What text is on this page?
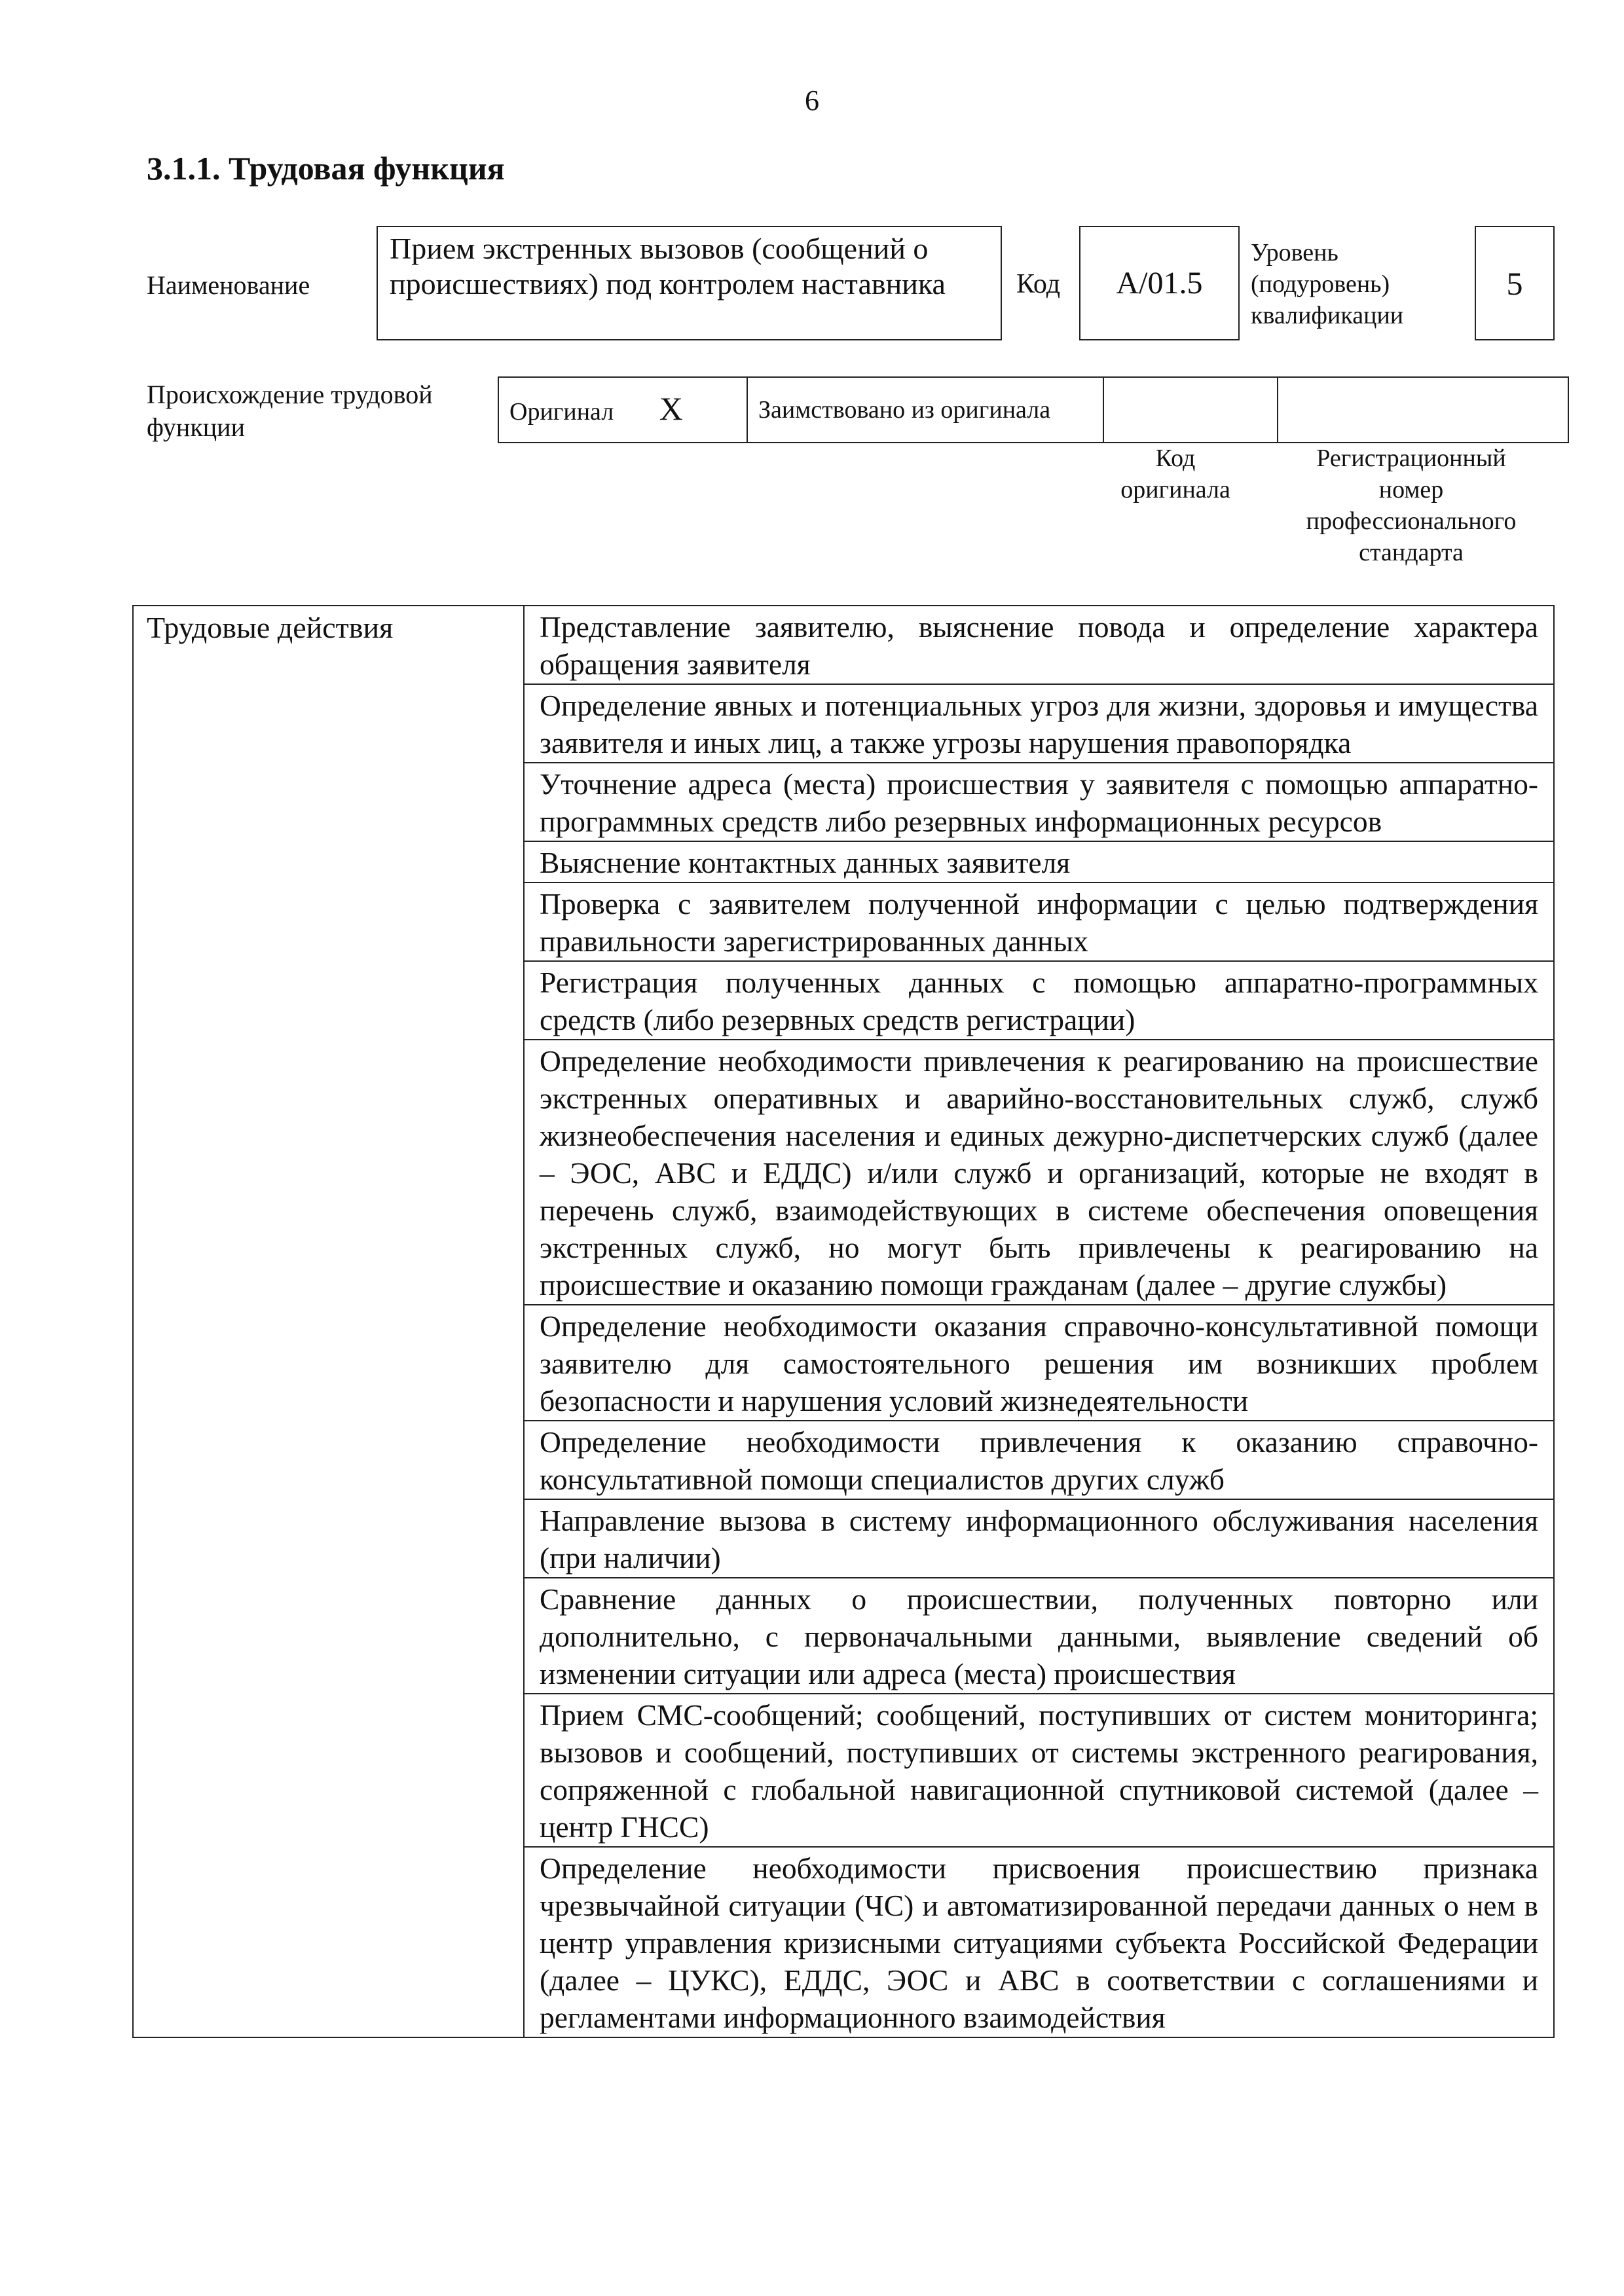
6
3.1.1. Трудовая функция
Наименование
Прием экстренных вызовов (сообщений о происшествиях) под контролем наставника	Код	A/01.5
Уровень
(подуровень)
квалификации
5
Происхождение трудовой
функции
Оригинал X	Заимствовано из оригинала		
Код
оригинала
Регистрационный
номер
профессионального
стандарта
Трудовые действия	Представление заявителю, выяснение повода и определение характера обращения заявителя

Определение явных и потенциальных угроз для жизни, здоровья и имущества заявителя и иных лиц, а также угрозы нарушения правопорядка

Уточнение адреса (места) происшествия у заявителя с помощью аппаратно-программных средств либо резервных информационных ресурсов

Выяснение контактных данных заявителя

Проверка с заявителем полученной информации с целью подтверждения правильности зарегистрированных данных

Регистрация полученных данных с помощью аппаратно-программных средств (либо резервных средств регистрации)

Определение необходимости привлечения к реагированию на происшествие экстренных оперативных и аварийно-восстановительных служб, служб жизнеобеспечения населения и единых дежурно-диспетчерских служб (далее – ЭОС, АВС и ЕДДС) и/или служб и организаций, которые не входят в перечень служб, взаимодействующих в системе обеспечения оповещения экстренных служб, но могут быть привлечены к реагированию на происшествие и оказанию помощи гражданам (далее – другие службы)

Определение необходимости оказания справочно-консультативной помощи заявителю для самостоятельного решения им возникших проблем безопасности и нарушения условий жизнедеятельности

Определение необходимости привлечения к оказанию справочно-консультативной помощи специалистов других служб

Направление вызова в систему информационного обслуживания населения (при наличии)

Сравнение данных о происшествии, полученных повторно или дополнительно, с первоначальными данными, выявление сведений об изменении ситуации или адреса (места) происшествия

Прием СМС-сообщений; сообщений, поступивших от систем мониторинга; вызовов и сообщений, поступивших от системы экстренного реагирования, сопряженной с глобальной навигационной спутниковой системой (далее – центр ГНСС)

Определение необходимости присвоения происшествию признака чрезвычайной ситуации (ЧС) и автоматизированной передачи данных о нем в центр управления кризисными ситуациями субъекта Российской Федерации (далее – ЦУКС), ЕДДС, ЭОС и АВС в соответствии с соглашениями и регламентами информационного взаимодействия
